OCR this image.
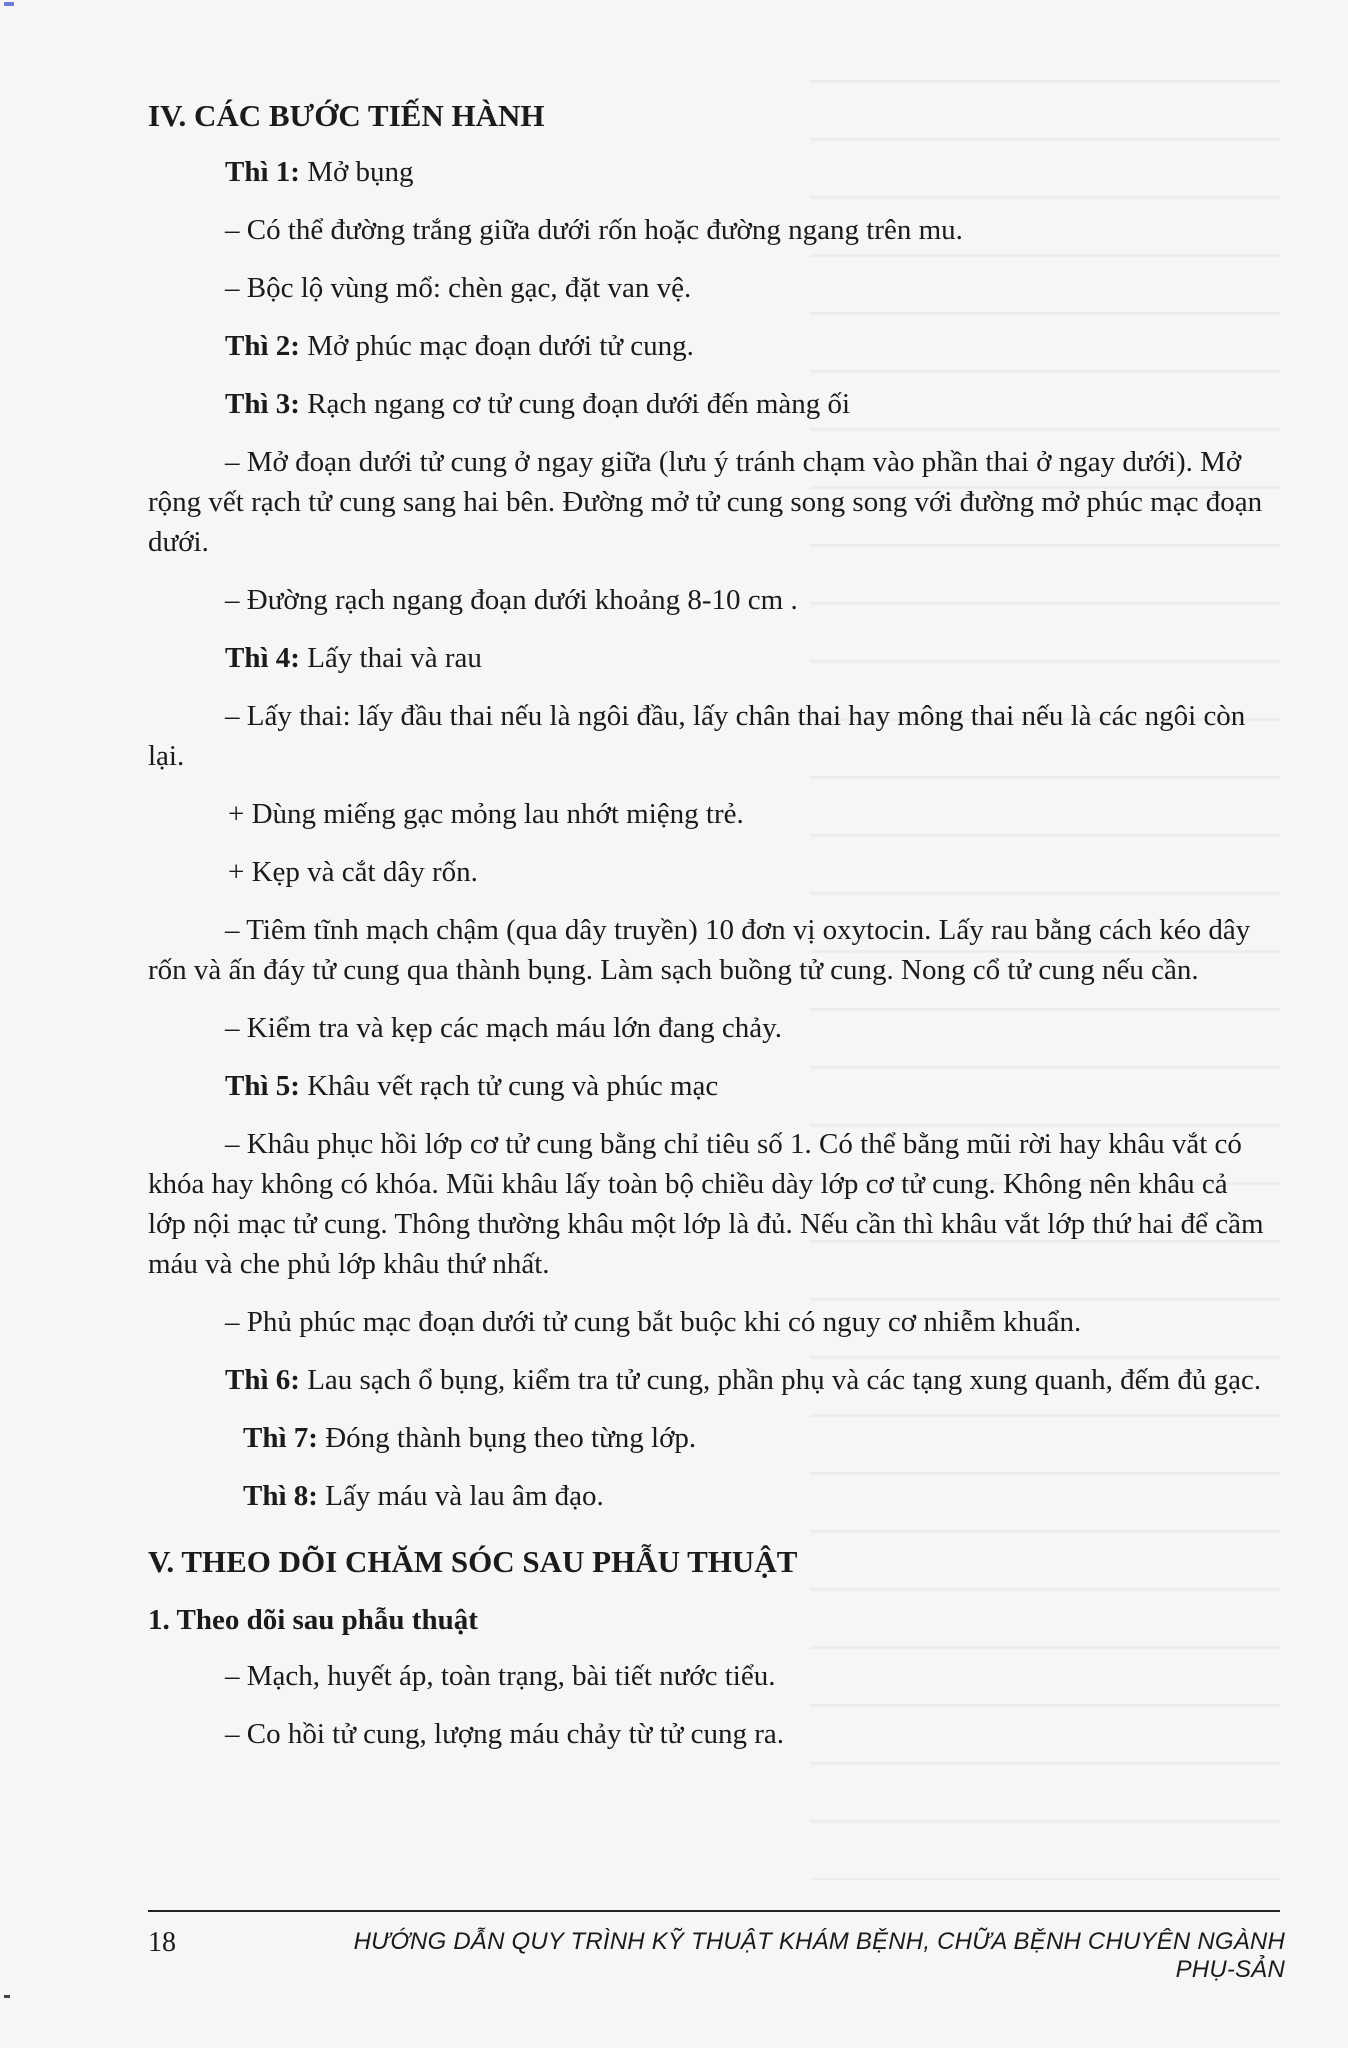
IV. CÁC BƯỚC TIẾN HÀNH

Thì 1: Mở bụng

– Có thể đường trắng giữa dưới rốn hoặc đường ngang trên mu.

– Bộc lộ vùng mổ: chèn gạc, đặt van vệ.

Thì 2: Mở phúc mạc đoạn dưới tử cung.

Thì 3: Rạch ngang cơ tử cung đoạn dưới đến màng ối

– Mở đoạn dưới tử cung ở ngay giữa (lưu ý tránh chạm vào phần thai ở ngay dưới). Mở rộng vết rạch tử cung sang hai bên. Đường mở tử cung song song với đường mở phúc mạc đoạn dưới.

– Đường rạch ngang đoạn dưới khoảng 8-10 cm .

Thì 4: Lấy thai và rau

– Lấy thai: lấy đầu thai nếu là ngôi đầu, lấy chân thai hay mông thai nếu là các ngôi còn lại.

+ Dùng miếng gạc mỏng lau nhớt miệng trẻ.

+ Kẹp và cắt dây rốn.

– Tiêm tĩnh mạch chậm (qua dây truyền) 10 đơn vị oxytocin. Lấy rau bằng cách kéo dây rốn và ấn đáy tử cung qua thành bụng. Làm sạch buồng tử cung. Nong cổ tử cung nếu cần.

– Kiểm tra và kẹp các mạch máu lớn đang chảy.

Thì 5: Khâu vết rạch tử cung và phúc mạc

– Khâu phục hồi lớp cơ tử cung bằng chỉ tiêu số 1. Có thể bằng mũi rời hay khâu vắt có khóa hay không có khóa. Mũi khâu lấy toàn bộ chiều dày lớp cơ tử cung. Không nên khâu cả lớp nội mạc tử cung. Thông thường khâu một lớp là đủ. Nếu cần thì khâu vắt lớp thứ hai để cầm máu và che phủ lớp khâu thứ nhất.

– Phủ phúc mạc đoạn dưới tử cung bắt buộc khi có nguy cơ nhiễm khuẩn.

Thì 6: Lau sạch ổ bụng, kiểm tra tử cung, phần phụ và các tạng xung quanh, đếm đủ gạc.

Thì 7: Đóng thành bụng theo từng lớp.

Thì 8: Lấy máu và lau âm đạo.

V. THEO DÕI CHĂM SÓC SAU PHẪU THUẬT

1. Theo dõi sau phẫu thuật

– Mạch, huyết áp, toàn trạng, bài tiết nước tiểu.

– Co hồi tử cung, lượng máu chảy từ tử cung ra.

18	HƯỚNG DẪN QUY TRÌNH KỸ THUẬT KHÁM BỆNH, CHỮA BỆNH CHUYÊN NGÀNH PHỤ-SẢN
